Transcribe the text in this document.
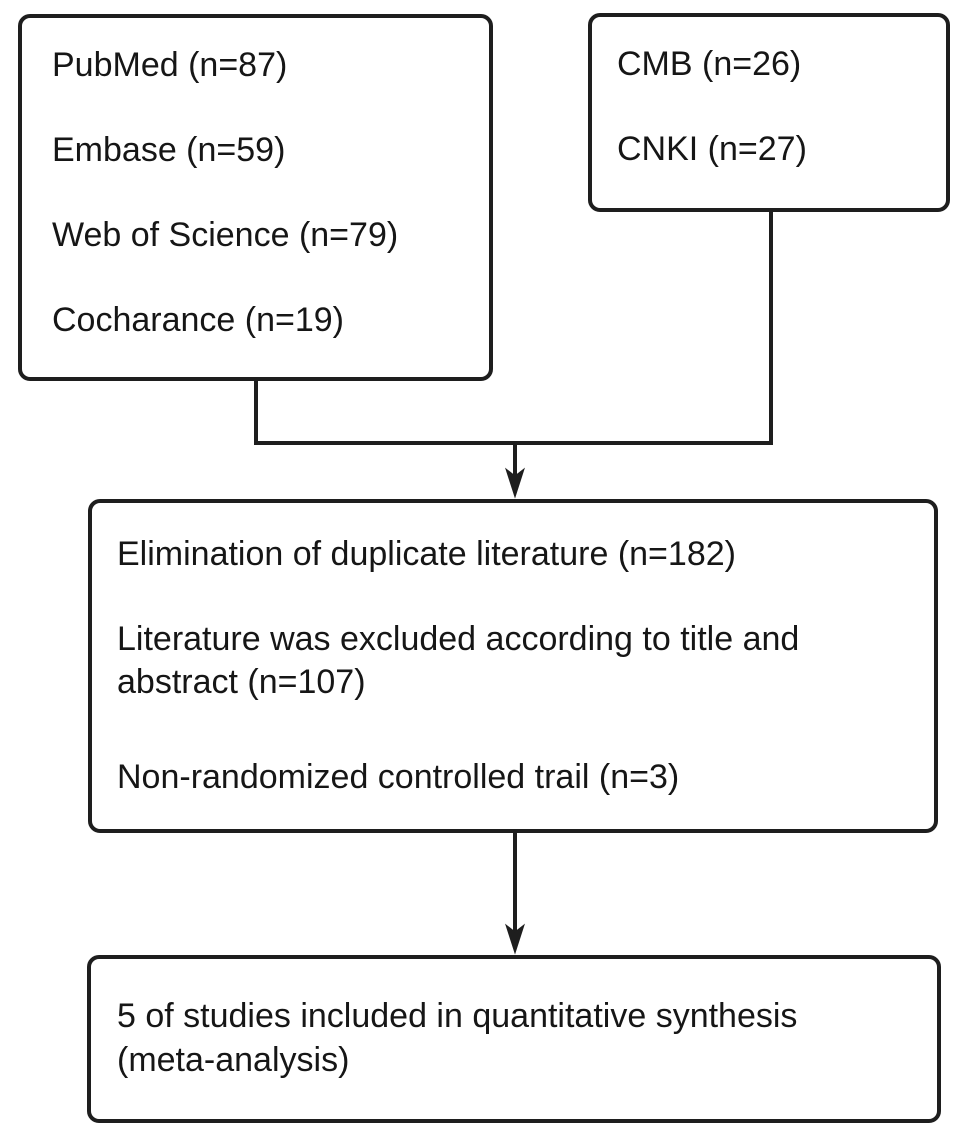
PubMed (n=87)
Embase (n=59)
Web of Science (n=79)
Cocharance (n=19)
CMB (n=26)
CNKI (n=27)
Elimination of duplicate literature (n=182)
Literature was excluded according to title and
abstract (n=107)
Non-randomized controlled trail (n=3)
5 of studies included in quantitative synthesis
(meta-analysis)
